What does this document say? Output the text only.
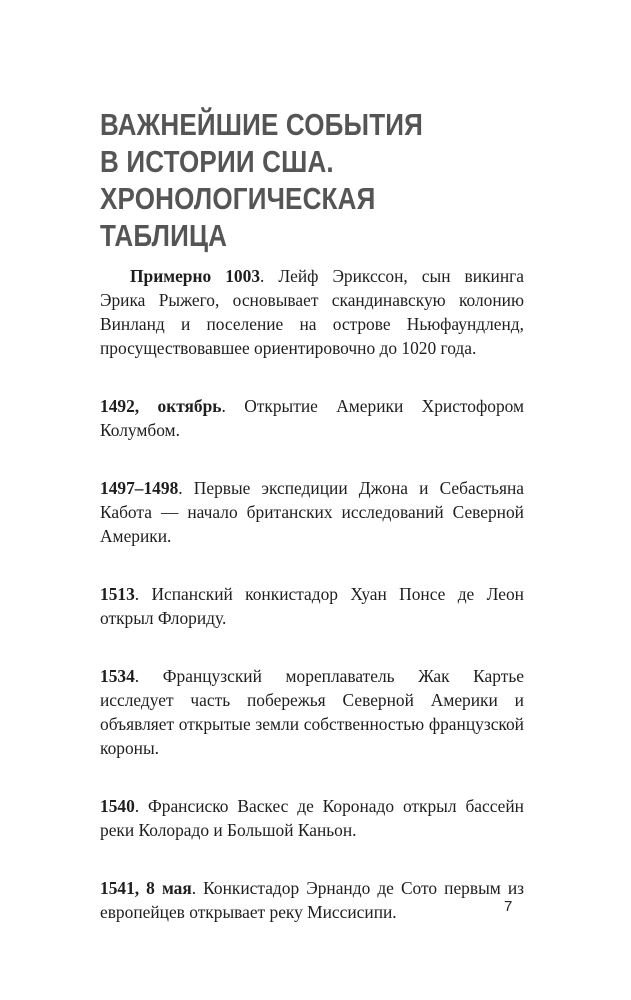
ВАЖНЕЙШИЕ СОБЫТИЯ
В ИСТОРИИ США.
ХРОНОЛОГИЧЕСКАЯ
ТАБЛИЦА

Примерно 1003. Лейф Эрикссон, сын викинга Эрика Рыжего, основывает скандинавскую колонию Винланд и поселение на острове Ньюфаундленд, просуществовавшее ориентировочно до 1020 года.

1492, октябрь. Открытие Америки Христофором Колумбом.

1497–1498. Первые экспедиции Джона и Себастьяна Кабота — начало британских исследований Северной Америки.

1513. Испанский конкистадор Хуан Понсе де Леон открыл Флориду.

1534. Французский мореплаватель Жак Картье исследует часть побережья Северной Америки и объявляет открытые земли собственностью французской короны.

1540. Франсиско Васкес де Коронадо открыл бассейн реки Колорадо и Большой Каньон.

1541, 8 мая. Конкистадор Эрнандо де Сото первым из европейцев открывает реку Миссисипи.	7
